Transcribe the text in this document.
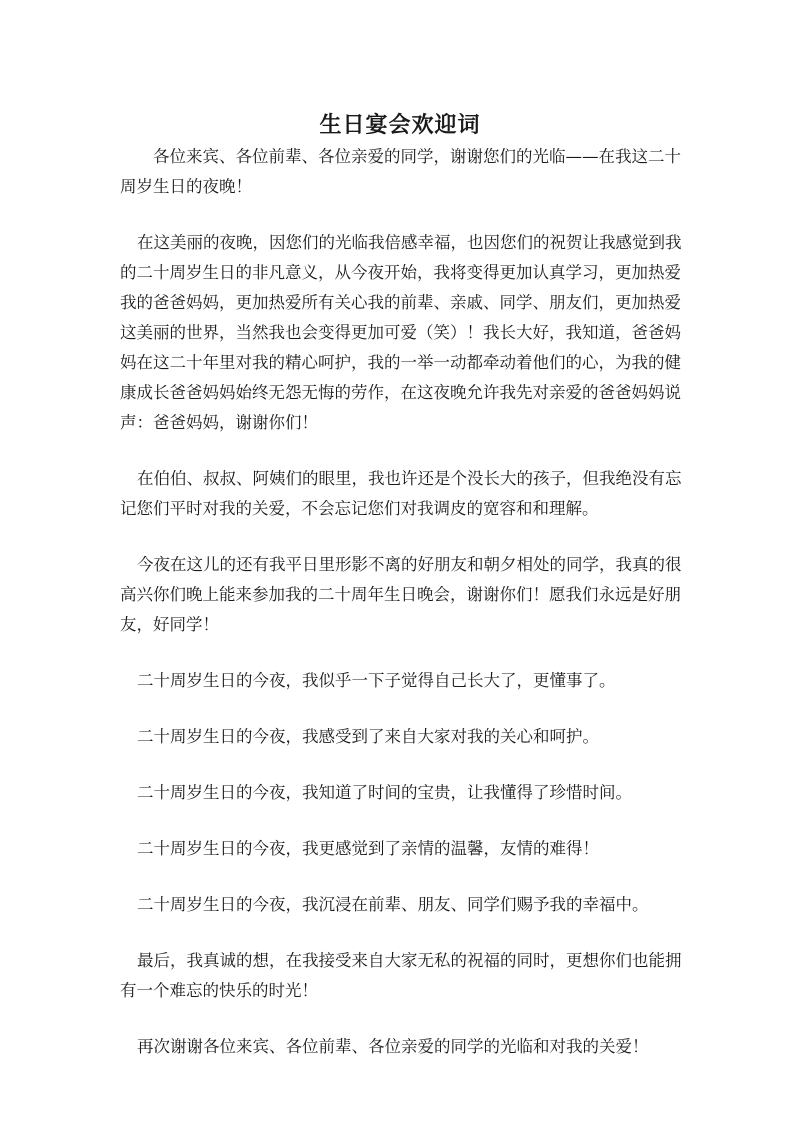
生日宴会欢迎词

各位来宾、各位前辈、各位亲爱的同学，谢谢您们的光临——在我这二十周岁生日的夜晚！

在这美丽的夜晚，因您们的光临我倍感幸福，也因您们的祝贺让我感觉到我的二十周岁生日的非凡意义，从今夜开始，我将变得更加认真学习，更加热爱我的爸爸妈妈，更加热爱所有关心我的前辈、亲戚、同学、朋友们，更加热爱这美丽的世界，当然我也会变得更加可爱（笑）！我长大好，我知道，爸爸妈妈在这二十年里对我的精心呵护，我的一举一动都牵动着他们的心，为我的健康成长爸爸妈妈始终无怨无悔的劳作，在这夜晚允许我先对亲爱的爸爸妈妈说声：爸爸妈妈，谢谢你们！

在伯伯、叔叔、阿姨们的眼里，我也许还是个没长大的孩子，但我绝没有忘记您们平时对我的关爱，不会忘记您们对我调皮的宽容和和理解。

今夜在这儿的还有我平日里形影不离的好朋友和朝夕相处的同学，我真的很高兴你们晚上能来参加我的二十周年生日晚会，谢谢你们！愿我们永远是好朋友，好同学！

二十周岁生日的今夜，我似乎一下子觉得自己长大了，更懂事了。

二十周岁生日的今夜，我感受到了来自大家对我的关心和呵护。

二十周岁生日的今夜，我知道了时间的宝贵，让我懂得了珍惜时间。

二十周岁生日的今夜，我更感觉到了亲情的温馨，友情的难得！

二十周岁生日的今夜，我沉浸在前辈、朋友、同学们赐予我的幸福中。

最后，我真诚的想，在我接受来自大家无私的祝福的同时，更想你们也能拥有一个难忘的快乐的时光！

再次谢谢各位来宾、各位前辈、各位亲爱的同学的光临和对我的关爱！
